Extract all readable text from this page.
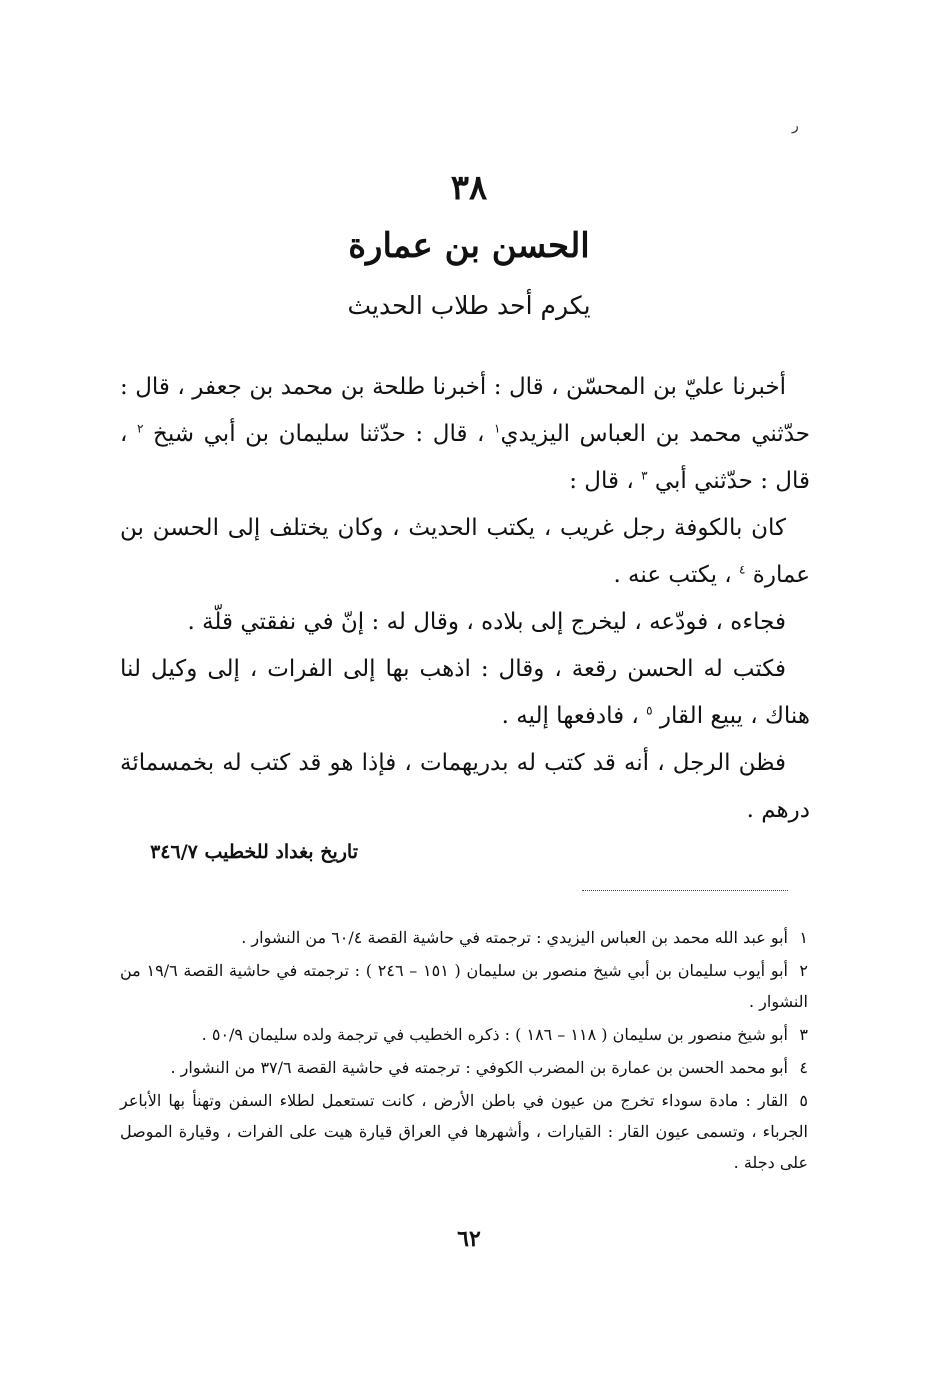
ر
٣٨
الحسن بن عمارة
يكرم أحد طلاب الحديث

أخبرنا عليّ بن المحسّن ، قال : أخبرنا طلحة بن محمد بن جعفر ، قال : حدّثني محمد بن العباس اليزيدي$^١$ ، قال : حدّثنا سليمان بن أبي شيخ $^٢$ ، قال : حدّثني أبي $^٣$ ، قال :

كان بالكوفة رجل غريب ، يكتب الحديث ، وكان يختلف إلى الحسن بن عمارة $^٤$ ، يكتب عنه .

فجاءه ، فودّعه ، ليخرج إلى بلاده ، وقال له : إنّ في نفقتي قلّة .

فكتب له الحسن رقعة ، وقال : اذهب بها إلى الفرات ، إلى وكيل لنا هناك ، يبيع القار $^٥$ ، فادفعها إليه .

فظن الرجل ، أنه قد كتب له بدريهمات ، فإذا هو قد كتب له بخمسمائة درهم .

تاريخ بغداد للخطيب ٣٤٦/٧

١أبو عبد الله محمد بن العباس اليزيدي : ترجمته في حاشية القصة ٦٠/٤ من النشوار .

٢أبو أيوب سليمان بن أبي شيخ منصور بن سليمان ( ١٥١ – ٢٤٦ ) : ترجمته في حاشية القصة ١٩/٦ من النشوار .

٣أبو شيخ منصور بن سليمان ( ١١٨ – ١٨٦ ) : ذكره الخطيب في ترجمة ولده سليمان ٥٠/٩ .

٤أبو محمد الحسن بن عمارة بن المضرب الكوفي : ترجمته في حاشية القصة ٣٧/٦ من النشوار .

٥القار : مادة سوداء تخرج من عيون في باطن الأرض ، كانت تستعمل لطلاء السفن وتهنأ بها الأباعر الجرباء ، وتسمى عيون القار : القيارات ، وأشهرها في العراق قيارة هيت على الفرات ، وقيارة الموصل على دجلة .

٦٢
